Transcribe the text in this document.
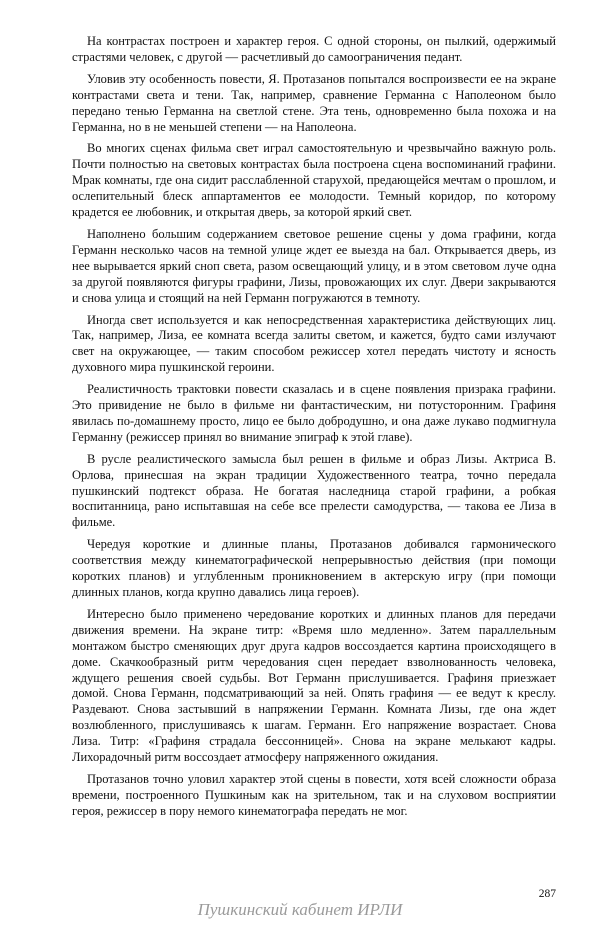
На контрастах построен и характер героя. С одной стороны, он пылкий, одержимый страстями человек, с другой — расчетливый до самоограничения педант.

Уловив эту особенность повести, Я. Протазанов попытался воспроизвести ее на экране контрастами света и тени. Так, например, сравнение Германна с Наполеоном было передано тенью Германна на светлой стене. Эта тень, одновременно была похожа и на Германна, но в не меньшей степени — на Наполеона.

Во многих сценах фильма свет играл самостоятельную и чрезвычайно важную роль. Почти полностью на световых контрастах была построена сцена воспоминаний графини. Мрак комнаты, где она сидит расслабленной старухой, предающейся мечтам о прошлом, и ослепительный блеск аппартаментов ее молодости. Темный коридор, по которому крадется ее любовник, и открытая дверь, за которой яркий свет.

Наполнено большим содержанием световое решение сцены у дома графини, когда Германн несколько часов на темной улице ждет ее выезда на бал. Открывается дверь, из нее вырывается яркий сноп света, разом освещающий улицу, и в этом световом луче одна за другой появляются фигуры графини, Лизы, провожающих их слуг. Двери закрываются и снова улица и стоящий на ней Германн погружаются в темноту.

Иногда свет используется и как непосредственная характеристика действующих лиц. Так, например, Лиза, ее комната всегда залиты светом, и кажется, будто сами излучают свет на окружающее, — таким способом режиссер хотел передать чистоту и ясность духовного мира пушкинской героини.

Реалистичность трактовки повести сказалась и в сцене появления призрака графини. Это привидение не было в фильме ни фантастическим, ни потусторонним. Графиня явилась по-домашнему просто, лицо ее было добродушно, и она даже лукаво подмигнула Германну (режиссер принял во внимание эпиграф к этой главе).

В русле реалистического замысла был решен в фильме и образ Лизы. Актриса В. Орлова, принесшая на экран традиции Художественного театра, точно передала пушкинский подтекст образа. Не богатая наследница старой графини, а робкая воспитанница, рано испытавшая на себе все прелести самодурства, — такова ее Лиза в фильме.

Чередуя короткие и длинные планы, Протазанов добивался гармонического соответствия между кинематографической непрерывностью действия (при помощи коротких планов) и углубленным проникновением в актерскую игру (при помощи длинных планов, когда крупно давались лица героев).

Интересно было применено чередование коротких и длинных планов для передачи движения времени. На экране титр: «Время шло медленно». Затем параллельным монтажом быстро сменяющих друг друга кадров воссоздается картина происходящего в доме. Скачкообразный ритм чередования сцен передает взволнованность человека, ждущего решения своей судьбы. Вот Германн прислушивается. Графиня приезжает домой. Снова Германн, подсматривающий за ней. Опять графиня — ее ведут к креслу. Раздевают. Снова застывший в напряжении Германн. Комната Лизы, где она ждет возлюбленного, прислушиваясь к шагам. Германн. Его напряжение возрастает. Снова Лиза. Титр: «Графиня страдала бессонницей». Снова на экране мелькают кадры. Лихорадочный ритм воссоздает атмосферу напряженного ожидания.

Протазанов точно уловил характер этой сцены в повести, хотя всей сложности образа времени, построенного Пушкиным как на зрительном, так и на слуховом восприятии героя, режиссер в пору немого кинематографа передать не мог.

287
Пушкинский кабинет ИРЛИ
